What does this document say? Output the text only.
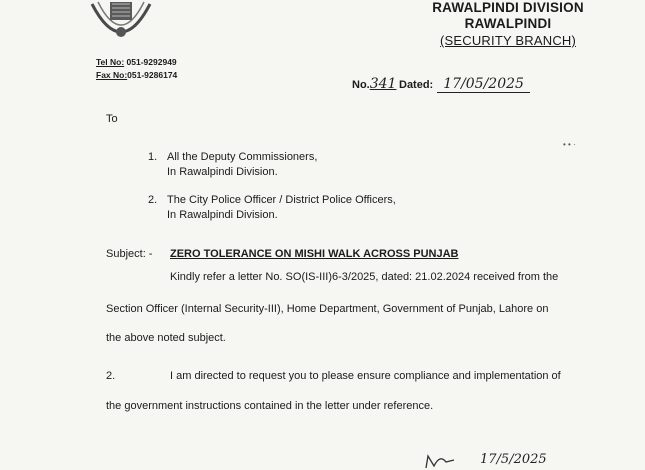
RAWALPINDI DIVISION
RAWALPINDI
(SECURITY BRANCH)
Tel No: 051-9292949
Fax No:051-9286174
No.341 Dated: 17/05/2025
• • ·
To
1. All the Deputy Commissioners,
In Rawalpindi Division.
2. The City Police Officer / District Police Officers,
In Rawalpindi Division.
Subject: - ZERO TOLERANCE ON MISHI WALK ACROSS PUNJAB
Kindly refer a letter No. SO(IS-III)6-3/2025, dated: 21.02.2024 received from the
Section Officer (Internal Security-III), Home Department, Government of Punjab, Lahore on
the above noted subject.
2.	I am directed to request you to please ensure compliance and implementation of
the government instructions contained in the letter under reference.
17/5/2025
